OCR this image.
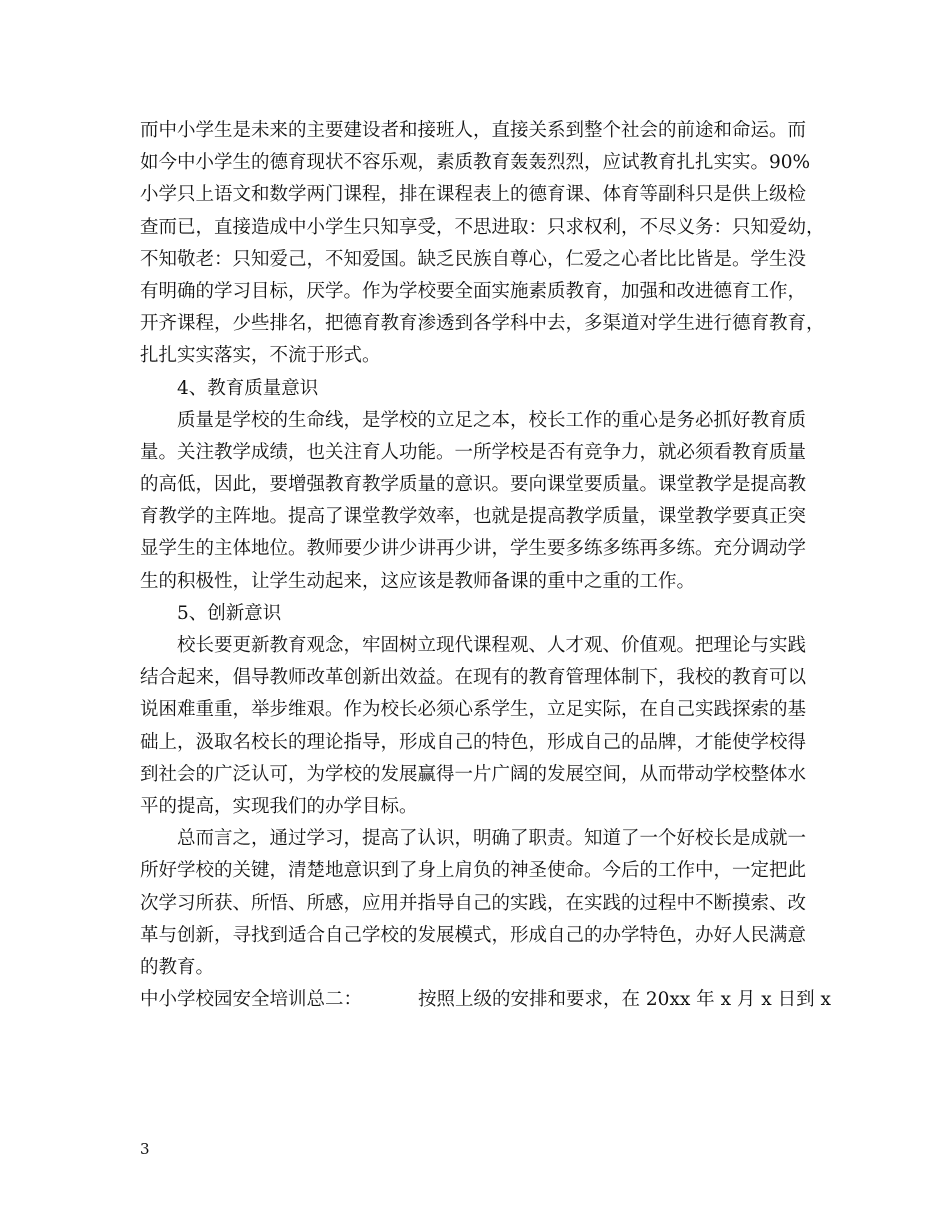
而中小学生是未来的主要建设者和接班人，直接关系到整个社会的前途和命运。而
如今中小学生的德育现状不容乐观，素质教育轰轰烈烈，应试教育扎扎实实。90%
小学只上语文和数学两门课程，排在课程表上的德育课、体育等副科只是供上级检
查而已，直接造成中小学生只知享受，不思进取：只求权利，不尽义务：只知爱幼，
不知敬老：只知爱己，不知爱国。缺乏民族自尊心，仁爱之心者比比皆是。学生没
有明确的学习目标，厌学。作为学校要全面实施素质教育，加强和改进德育工作，
开齐课程，少些排名，把德育教育渗透到各学科中去，多渠道对学生进行德育教育，
扎扎实实落实，不流于形式。
4、教育质量意识
质量是学校的生命线，是学校的立足之本，校长工作的重心是务必抓好教育质
量。关注教学成绩，也关注育人功能。一所学校是否有竞争力，就必须看教育质量
的高低，因此，要增强教育教学质量的意识。要向课堂要质量。课堂教学是提高教
育教学的主阵地。提高了课堂教学效率，也就是提高教学质量，课堂教学要真正突
显学生的主体地位。教师要少讲少讲再少讲，学生要多练多练再多练。充分调动学
生的积极性，让学生动起来，这应该是教师备课的重中之重的工作。
5、创新意识
校长要更新教育观念，牢固树立现代课程观、人才观、价值观。把理论与实践
结合起来，倡导教师改革创新出效益。在现有的教育管理体制下，我校的教育可以
说困难重重，举步维艰。作为校长必须心系学生，立足实际，在自己实践探索的基
础上，汲取名校长的理论指导，形成自己的特色，形成自己的品牌，才能使学校得
到社会的广泛认可，为学校的发展赢得一片广阔的发展空间，从而带动学校整体水
平的提高，实现我们的办学目标。
总而言之，通过学习，提高了认识，明确了职责。知道了一个好校长是成就一
所好学校的关键，清楚地意识到了身上肩负的神圣使命。今后的工作中，一定把此
次学习所获、所悟、所感，应用并指导自己的实践，在实践的过程中不断摸索、改
革与创新，寻找到适合自己学校的发展模式，形成自己的办学特色，办好人民满意
的教育。
中小学校园安全培训总二：	按照上级的安排和要求，在 20xx 年 x 月 x 日到 x
3
